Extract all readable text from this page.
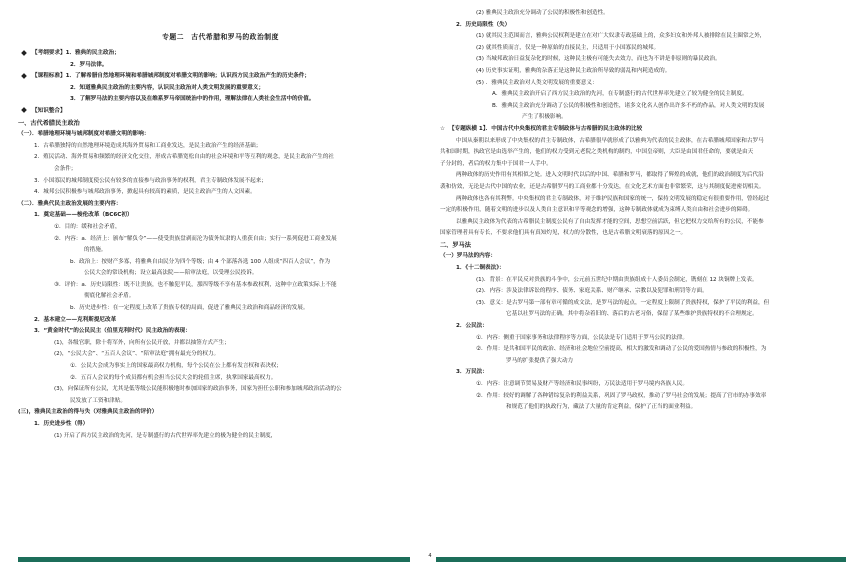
专题二　古代希腊和罗马的政治制度
【考纲要求】1．雅典的民主政治；
2．罗马法律。
【课程标准】1．了解希腊自然地理环境和希腊城邦制度对希腊文明的影响；认识西方民主政治产生的历史条件；
2．知道雅典民主政治的主要内容，认识民主政治对人类文明发展的重要意义；
3．了解罗马法的主要内容以及在维系罗马帝国统治中的作用，理解法律在人类社会生活中的价值。
【知识整合】
一、古代希腊民主政治
（一）．希腊地理环境与城邦制度对希腊文明的影响：
1．古希腊独特的自然地理环境造成其海外贸易和工商业发达，是民主政治产生的经济基础；
2．殖民活动、海外贸易和频繁的经济文化交往，形成古希腊宽松自由的社会环境和平等互利的观念，是民主政治产生的社
会条件；
3．小国寡民的城邦制度使公民有较多的直接参与政治事务的权利，君主专制政体发展不起来；
4．城邦公民积极参与城邦政治事务，掀起具有较高的素质，是民主政治产生的人文因素。
（二）．雅典代民主政治发展的主要内容：
1．奠定基础——梭伦改革（BC6C初）
①．目的：缓和社会矛盾，
②．内容：a．经济上：颁布“解负令”——使受贵族盘剥而沦为债务奴隶的人重获自由；实行一系列促进工商业发展
的措施。
b．政治上：按财产多寡，将雅典自由民分为四个等级；由 4 个部落各选 100 人组成“四百人会议”，作为
公民大会的常设机构；设立最高法院——陪审法庭，以受理公民投诉。
③．评价：a．历史局限性：既不让贵族，也不触犯平民，那四等级不享有基本参政权利，这种中立政策实际上不能
彻底化解社会矛盾。
b．历史进步性：在一定程度上改革了贵族专权的局面，促进了雅典民主政治和商品经济的发展。
2．基本建立——克利斯提尼改革
3．“黄金时代”的公民民主（伯里克利时代）民主政治的表现：
(1)，各级官职，除十将军外，向所有公民开放，并都以抽签方式产生；
(2)，“公民大会”、“五百人会议”、“陪审法庭”拥有最充分的权力。
①．公民大会成为事实上的国家最高权力机构，每个公民在公上都有发言权和表决权；
②．五百人会议的每个成员都有机会担当公民大会的轮值主席，执掌国家最高权力。
(3)，向保证所有公民，尤其是低等级公民能积极地时参加国家的政治事务，国家为担任公职和参加城邦政治活动的公
民发放了工资和津贴。
(三)，雅典民主政治的得与失（对雅典民主政治的评价）
1．历史进步性（得）
(1) 开启了西方民主政治的先河，是专制盛行的古代世界率先建立的极为健全的民主制度，
(2) 雅典民主政治充分调动了公民的积极性和创造性。
2．历史局限性（失）
(1) 就其民主范围而言，雅典公民权利是建立在对广大奴隶专政基础上的，众多妇女和外邦人被排除在民主圈常之外，
(2) 就其性质而言，仅是一种原始的直接民主，只适用于小国寡民的城邦。
(3) 当城邦政治日益复杂化的时候，这种民主极有可能失去效力，而也为不讲是非原则的暴民政治。
(4) 历史事实证明，雅典的杂落正是这种民主政治所导致的弱乱和内耗造成的。
(5) ．雅典民主政治对人类文明发展的重要意义：
A．雅典民主政治开启了西方民主政治的先河，在专制盛行的古代世界率先建立了较为健全的民主制度。
B．雅典民主政治充分调动了公民的积极性和创造性，诸多文化名人创作出许多不朽的作品，对人类文明的发展
产生了积极影响。
☆ 【专题纵横 1】．中国古代中央集权的君主专制政体与古希腊的民主政体的比较
中国从秦朝以来形成了中央集权的君主专制政体，古希腊很早就形成了以雅典为代表的民主政体，在古希腊城邦国家和古罗马
共和国时期，执政官是由选举产生的，他们的权力受到元老院之类机构的制约，中国皇帝则，大臣是由国君任命的，要就是由天
子分封的，者后的权力集中于国君一人手中。
两种政体的历史作用有其相似之处。进入文明时代以后的中国、希腊和罗马，都取得了辉煌的成就，他们的政治制度为后代沿
袭和仿效，无论是古代中国的农业，还是古希腊罗马的工商业都十分发达，在文化艺术方面也非常繁荣，这与其制度促进密切相关。
两种政体也各有其利弊。中央集权的君主专制政体，对于维护民族和国家的统一，保持文明发展的稳定有很重要作用，曾经起过
一定的积极作用，随着文明的进步以及人类自主意识和平等观念的增强，这种专制政体就成为束缚人类自由和社会进步的障碍。
以雅典民主政体为代表的古希腊民主制度公民有了自由发挥才能的空间，思想空前活跃，但它把权力交给所有的公民，不能参
国家管理者具有专长，不要求他们具有真知灼见，权力的分散性，也是古希腊文明衰落的原因之一。
二、罗马法
（一）罗马法的内容：
1．《十二铜表法》：
(1)．背景：在平民反对贵族的斗争中，公元前五世纪中期由贵族组成十人委员会制定，镌刻在 12 块铜牌上发表。
(2)．内容：涉及法律诉讼的程序、债务、家庭关系、财产继承、宗教以及犯罪和刑罚等方面。
(3)．意义：是古罗马第一部有章可循的成文法，是罗马法的起点，一定程度上限制了贵族特权，保护了平民的利益，但
它基以社罗马法的正确，其中将杂着旧的、落后的古老习俗，保留了某些维护贵族特权的不合理规定。
2．公民法：
①．内容：侧重于国家事务和法律程序等方面，公民法是专门适用于罗马公民的法律。
②．作用：是共和国平民的政治、经济和社会地位空前提高，相大的激发和调动了公民的爱国热情与参政的积极性，为
罗马的扩张提供了强大动力
3．万民法：
①．内容：注意调节贸易及财产等经济和民事纠纷，万民法适用于罗马境内各族人民。
②．作用：较好的调解了各种错综复杂的利益关系，巩固了罗马政权，推动了罗马社会的发展；提高了官市的办事效率
和规范了他们的执政行为，藏法了大量的肯定利益，保护了正当的面业利益。
4
